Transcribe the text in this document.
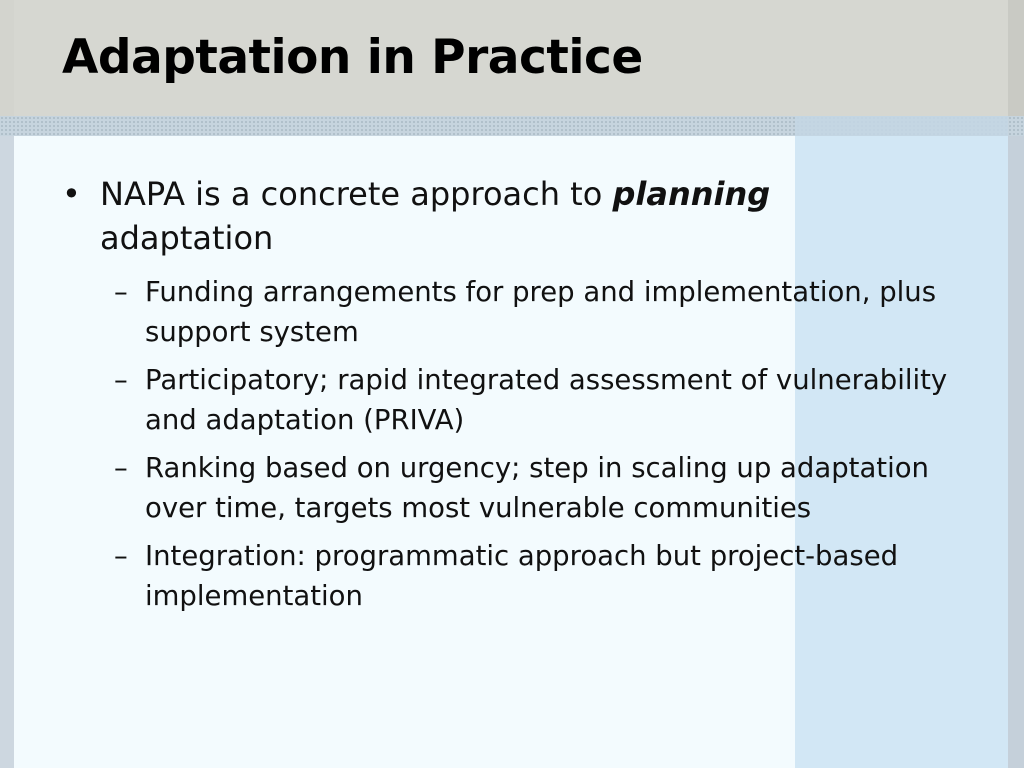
Adaptation in Practice
• NAPA is a concrete approach to planning
adaptation
– Funding arrangements for prep and implementation, plus support system
– Participatory; rapid integrated assessment of vulnerability and adaptation (PRIVA)
– Ranking based on urgency; step in scaling up adaptation over time, targets most vulnerable communities
– Integration: programmatic approach but project-based implementation
